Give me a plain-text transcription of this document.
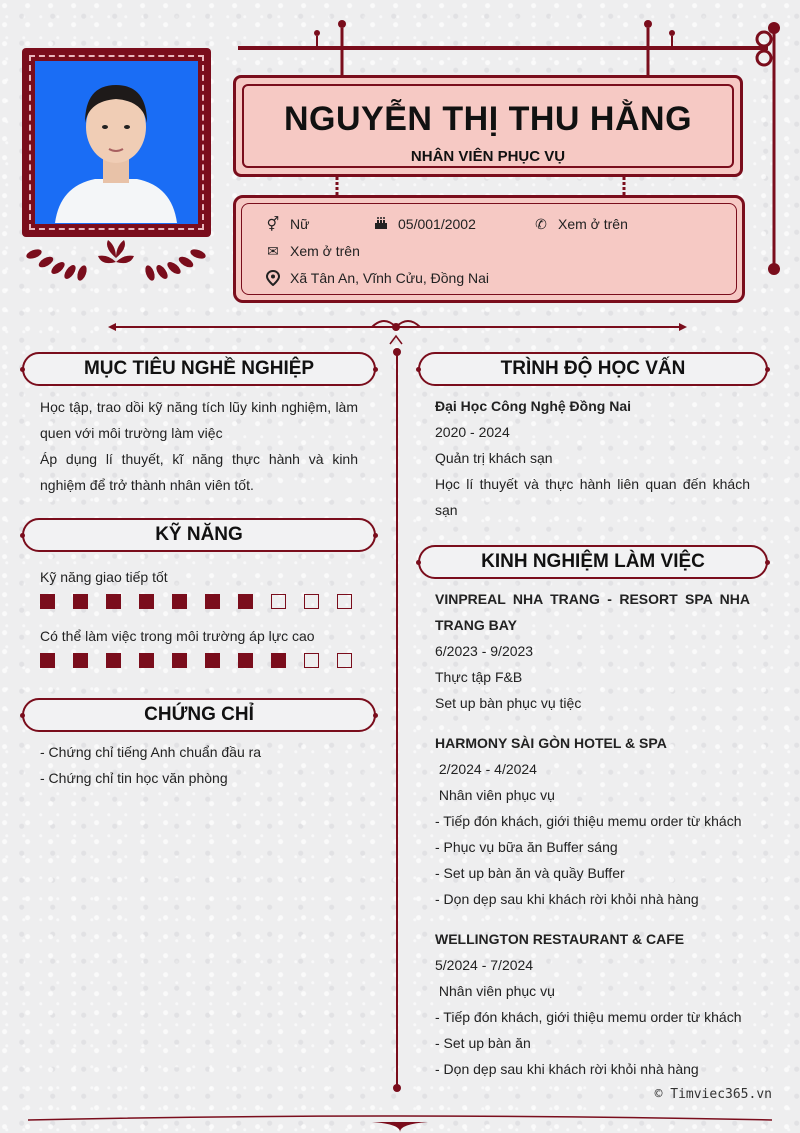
NGUYỄN THỊ THU HẰNG
NHÂN VIÊN PHỤC VỤ
⚥ Nữ	05/001/2002	✆ Xem ở trên
✉ Xem ở trên
Xã Tân An, Vĩnh Cửu, Đồng Nai
MỤC TIÊU NGHỀ NGHIỆP
Học tập, trao dồi kỹ năng tích lũy kinh nghiệm, làm quen với môi trường làm việc
Áp dụng lí thuyết, kĩ năng thực hành và kinh nghiệm để trở thành nhân viên tốt.
KỸ NĂNG
Kỹ năng giao tiếp tốt
Có thể làm việc trong môi trường áp lực cao
CHỨNG CHỈ
- Chứng chỉ tiếng Anh chuẩn đầu ra
- Chứng chỉ tin học văn phòng
TRÌNH ĐỘ HỌC VẤN
Đại Học Công Nghệ Đồng Nai
2020 - 2024
Quản trị khách sạn
Học lí thuyết và thực hành liên quan đến khách sạn
KINH NGHIỆM LÀM VIỆC
VINPREAL NHA TRANG - RESORT SPA NHA TRANG BAY
6/2023 - 9/2023
Thực tập F&B
Set up bàn phục vụ tiệc
HARMONY SÀI GÒN HOTEL & SPA
2/2024 - 4/2024
Nhân viên phục vụ
- Tiếp đón khách, giới thiệu memu order từ khách
- Phục vụ bữa ăn Buffer sáng
- Set up bàn ăn và quầy Buffer
- Dọn dẹp sau khi khách rời khỏi nhà hàng
WELLINGTON RESTAURANT & CAFE
5/2024 - 7/2024
Nhân viên phục vụ
- Tiếp đón khách, giới thiệu memu order từ khách
- Set up bàn ăn
- Dọn dẹp sau khi khách rời khỏi nhà hàng
© Timviec365.vn
